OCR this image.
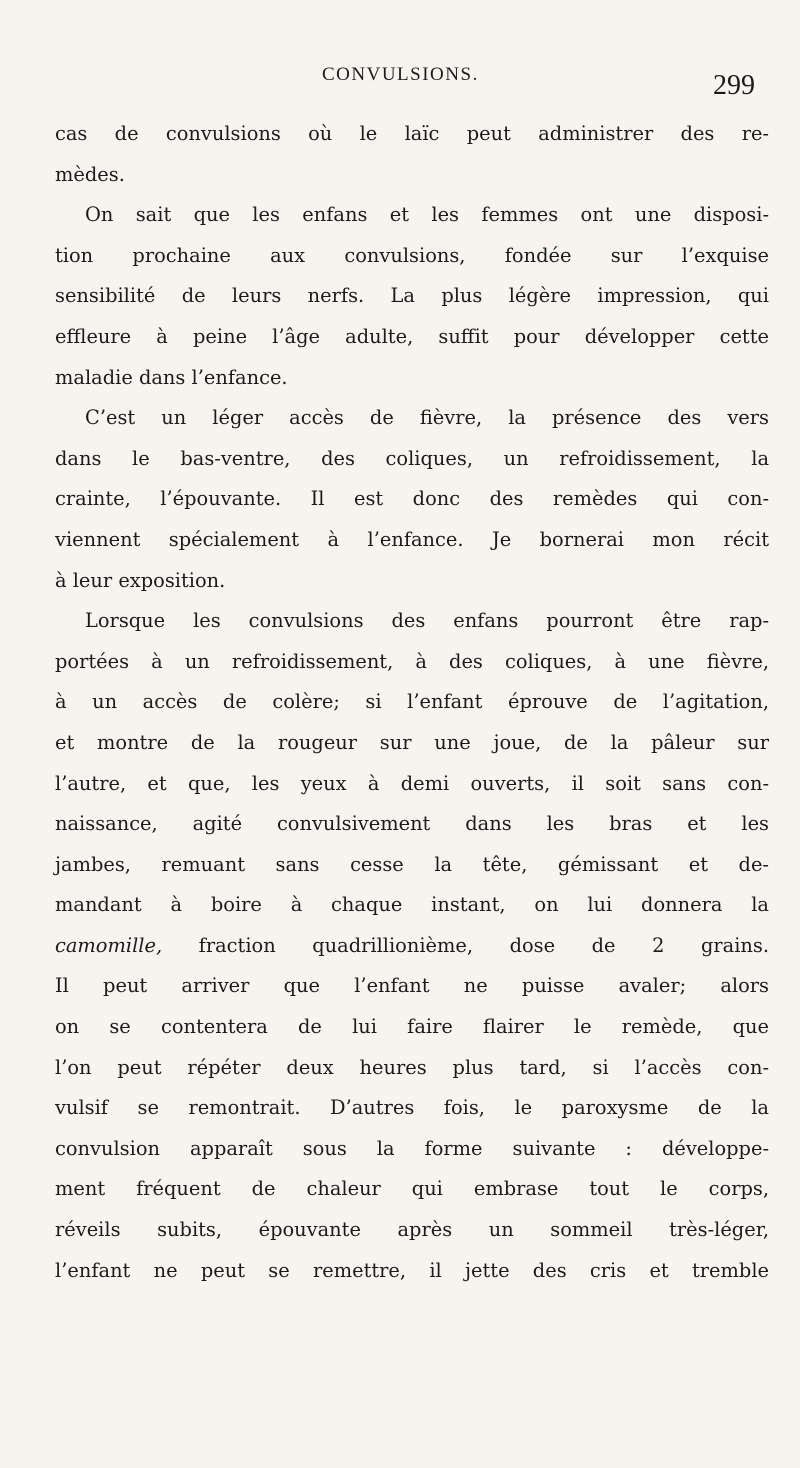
CONVULSIONS.	299

cas de convulsions où le laïc peut administrer des re-
mèdes.

On sait que les enfans et les femmes ont une disposi-
tion prochaine aux convulsions, fondée sur l’exquise
sensibilité de leurs nerfs. La plus légère impression, qui
effleure à peine l’âge adulte, suffit pour développer cette
maladie dans l’enfance.

C’est un léger accès de fièvre, la présence des vers
dans le bas-ventre, des coliques, un refroidissement, la
crainte, l’épouvante. Il est donc des remèdes qui con-
viennent spécialement à l’enfance. Je bornerai mon récit
à leur exposition.

Lorsque les convulsions des enfans pourront être rap-
portées à un refroidissement, à des coliques, à une fièvre,
à un accès de colère; si l’enfant éprouve de l’agitation,
et montre de la rougeur sur une joue, de la pâleur sur
l’autre, et que, les yeux à demi ouverts, il soit sans con-
naissance, agité convulsivement dans les bras et les
jambes, remuant sans cesse la tête, gémissant et de-
mandant à boire à chaque instant, on lui donnera la
camomille, fraction quadrillionième, dose de 2 grains.
Il peut arriver que l’enfant ne puisse avaler; alors
on se contentera de lui faire flairer le remède, que
l’on peut répéter deux heures plus tard, si l’accès con-
vulsif se remontrait. D’autres fois, le paroxysme de la
convulsion apparaît sous la forme suivante : développe-
ment fréquent de chaleur qui embrase tout le corps,
réveils subits, épouvante après un sommeil très-léger,
l’enfant ne peut se remettre, il jette des cris et tremble
